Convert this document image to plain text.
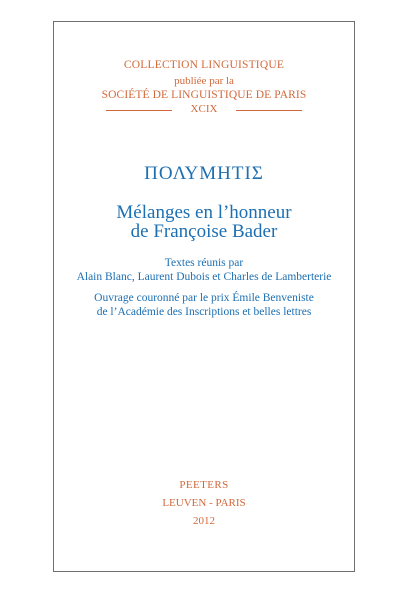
COLLECTION LINGUISTIQUE
publiée par la
SOCIÉTÉ DE LINGUISTIQUE DE PARIS
XCIX
ΠΟΛΥΜΗΤΙΣ
Mélanges en l’honneur
de Françoise Bader
Textes réunis par
Alain Blanc, Laurent Dubois et Charles de Lamberterie
Ouvrage couronné par le prix Émile Benveniste
de l’Académie des Inscriptions et belles lettres
PEETERS
LEUVEN - PARIS
2012
